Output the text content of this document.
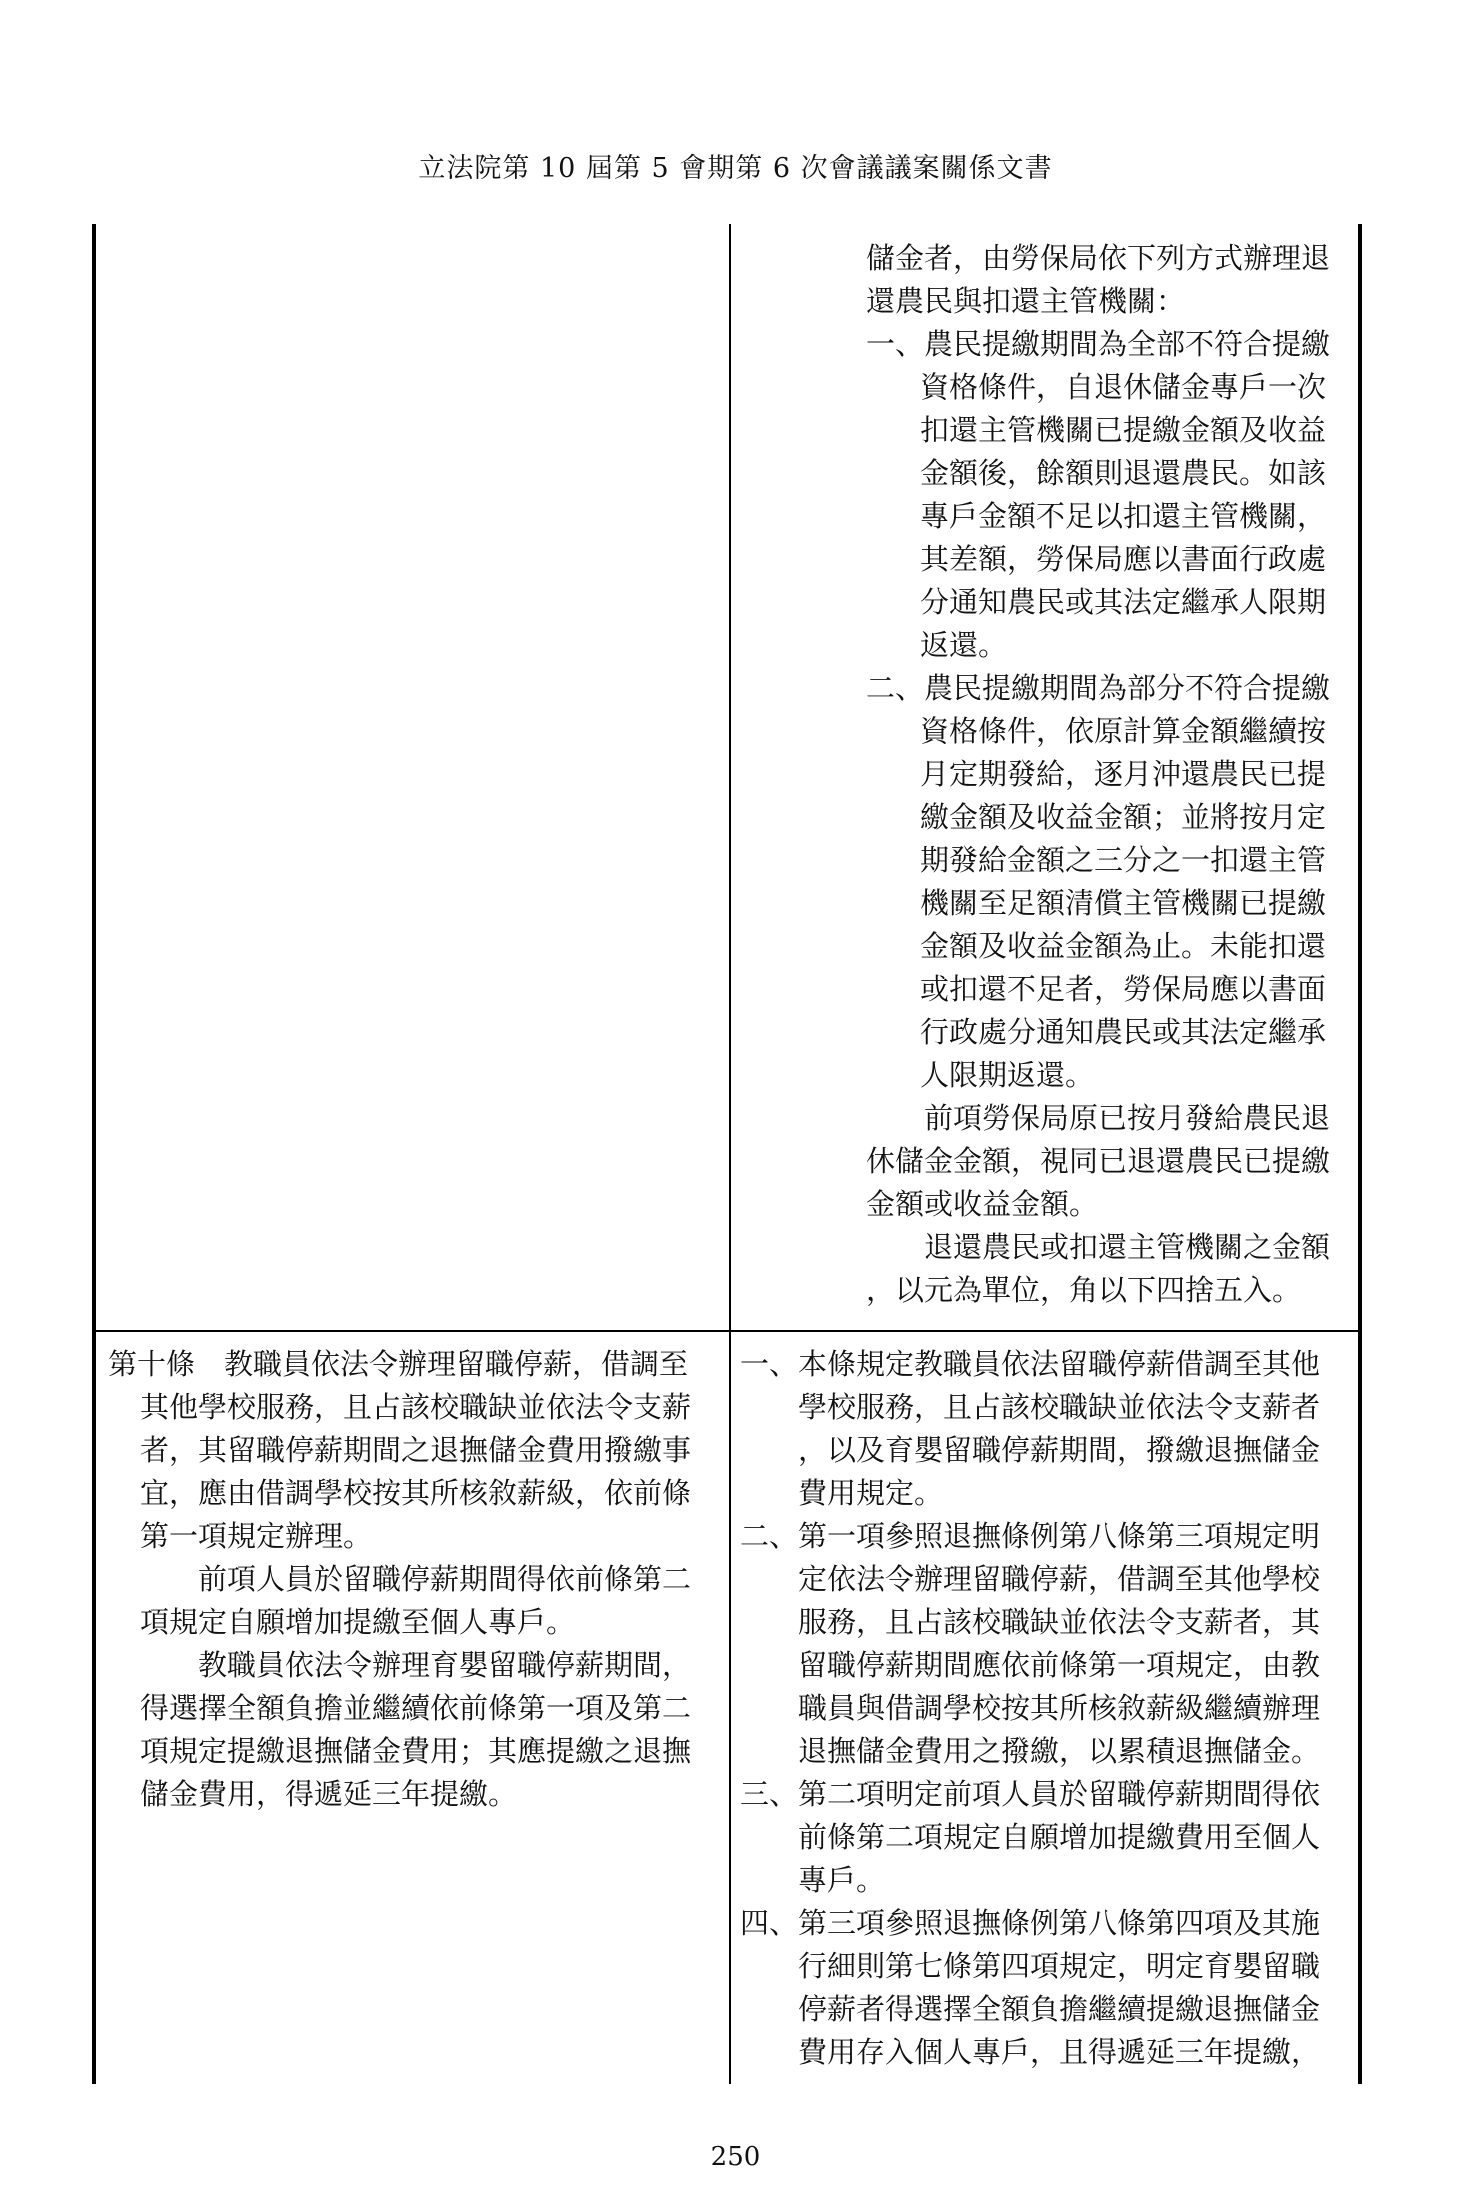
立法院第 10 屆第 5 會期第 6 次會議議案關係文書
儲金者，由勞保局依下列方式辦理退
還農民與扣還主管機關：
一、農民提繳期間為全部不符合提繳
資格條件，自退休儲金專戶一次
扣還主管機關已提繳金額及收益
金額後，餘額則退還農民。如該
專戶金額不足以扣還主管機關，
其差額，勞保局應以書面行政處
分通知農民或其法定繼承人限期
返還。
二、農民提繳期間為部分不符合提繳
資格條件，依原計算金額繼續按
月定期發給，逐月沖還農民已提
繳金額及收益金額；並將按月定
期發給金額之三分之一扣還主管
機關至足額清償主管機關已提繳
金額及收益金額為止。未能扣還
或扣還不足者，勞保局應以書面
行政處分通知農民或其法定繼承
人限期返還。
前項勞保局原已按月發給農民退
休儲金金額，視同已退還農民已提繳
金額或收益金額。
退還農民或扣還主管機關之金額
，以元為單位，角以下四捨五入。
第十條　教職員依法令辦理留職停薪，借調至
其他學校服務，且占該校職缺並依法令支薪
者，其留職停薪期間之退撫儲金費用撥繳事
宜，應由借調學校按其所核敘薪級，依前條
第一項規定辦理。
前項人員於留職停薪期間得依前條第二
項規定自願增加提繳至個人專戶。
教職員依法令辦理育嬰留職停薪期間，
得選擇全額負擔並繼續依前條第一項及第二
項規定提繳退撫儲金費用；其應提繳之退撫
儲金費用，得遞延三年提繳。
一、本條規定教職員依法留職停薪借調至其他
學校服務，且占該校職缺並依法令支薪者
，以及育嬰留職停薪期間，撥繳退撫儲金
費用規定。
二、第一項參照退撫條例第八條第三項規定明
定依法令辦理留職停薪，借調至其他學校
服務，且占該校職缺並依法令支薪者，其
留職停薪期間應依前條第一項規定，由教
職員與借調學校按其所核敘薪級繼續辦理
退撫儲金費用之撥繳，以累積退撫儲金。
三、第二項明定前項人員於留職停薪期間得依
前條第二項規定自願增加提繳費用至個人
專戶。
四、第三項參照退撫條例第八條第四項及其施
行細則第七條第四項規定，明定育嬰留職
停薪者得選擇全額負擔繼續提繳退撫儲金
費用存入個人專戶，且得遞延三年提繳，
250
